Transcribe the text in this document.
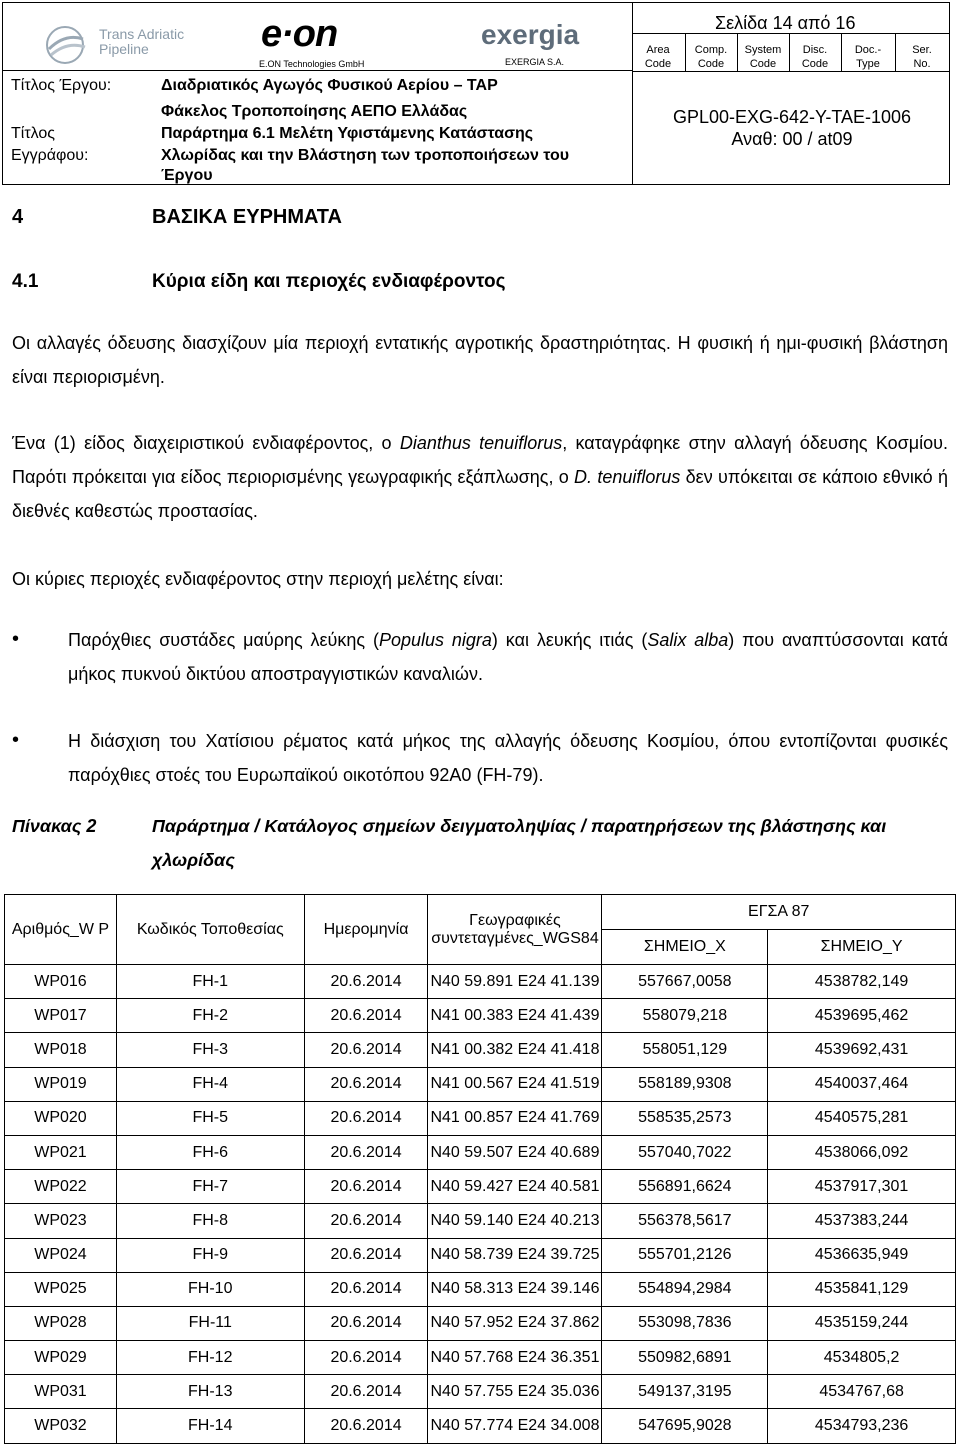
Trans Adriatic
Pipeline	e·on
E.ON Technologies GmbH
exergia
EXERGIA S.A.
Σελίδα 14 από 16
Area
Code
Comp.
Code
System
Code
Disc.
Code
Doc.-
Type
Ser.
No.
Τίτλος Έργου:	Διαδριατικός Αγωγός Φυσικού Αερίου – TAP
Τίτλος
Εγγράφου:
Φάκελος Τροποποίησης ΑΕΠΟ Ελλάδας
Παράρτημα 6.1 Μελέτη Υφιστάμενης Κατάστασης
Χλωρίδας και την Βλάστηση των τροποποιήσεων του
Έργου
GPL00-EXG-642-Y-TAE-1006
Αναθ: 00 / at09
4	ΒΑΣΙΚΑ ΕΥΡΗΜΑΤΑ
4.1	Κύρια είδη και περιοχές ενδιαφέροντος
Οι αλλαγές όδευσης διασχίζουν μία περιοχή εντατικής αγροτικής δραστηριότητας. Η φυσική ή ημι-φυσική βλάστηση είναι περιορισμένη.
Ένα (1) είδος διαχειριστικού ενδιαφέροντος, ο Dianthus tenuiflorus, καταγράφηκε στην αλλαγή όδευσης Κοσμίου. Παρότι πρόκειται για είδος περιορισμένης γεωγραφικής εξάπλωσης, ο D. tenuiflorus δεν υπόκειται σε κάποιο εθνικό ή διεθνές καθεστώς προστασίας.
Οι κύριες περιοχές ενδιαφέροντος στην περιοχή μελέτης είναι:
•	Παρόχθιες συστάδες μαύρης λεύκης (Populus nigra) και λευκής ιτιάς (Salix alba) που αναπτύσσονται κατά μήκος πυκνού δικτύου αποστραγγιστικών καναλιών.
•	Η διάσχιση του Χατίσιου ρέματος κατά μήκος της αλλαγής όδευσης Κοσμίου, όπου εντοπίζονται φυσικές παρόχθιες στοές του Ευρωπαϊκού οικοτόπου 92A0 (FH-79).
Πίνακας 2	Παράρτημα / Κατάλογος σημείων δειγματοληψίας / παρατηρήσεων της βλάστησης και χλωρίδας
Αριθμός_W P	Κωδικός Τοποθεσίας	Ημερομηνία	Γεωγραφικές συντεταγμένες_WGS84	ΕΓΣΑ 87	
				ΣΗΜΕΙΟ_X	ΣΗΜΕΙΟ_Y
WP016	FH-1	20.6.2014	N40 59.891 E24 41.139	557667,0058	4538782,149
WP017	FH-2	20.6.2014	N41 00.383 E24 41.439	558079,218	4539695,462
WP018	FH-3	20.6.2014	N41 00.382 E24 41.418	558051,129	4539692,431
WP019	FH-4	20.6.2014	N41 00.567 E24 41.519	558189,9308	4540037,464
WP020	FH-5	20.6.2014	N41 00.857 E24 41.769	558535,2573	4540575,281
WP021	FH-6	20.6.2014	N40 59.507 E24 40.689	557040,7022	4538066,092
WP022	FH-7	20.6.2014	N40 59.427 E24 40.581	556891,6624	4537917,301
WP023	FH-8	20.6.2014	N40 59.140 E24 40.213	556378,5617	4537383,244
WP024	FH-9	20.6.2014	N40 58.739 E24 39.725	555701,2126	4536635,949
WP025	FH-10	20.6.2014	N40 58.313 E24 39.146	554894,2984	4535841,129
WP028	FH-11	20.6.2014	N40 57.952 E24 37.862	553098,7836	4535159,244
WP029	FH-12	20.6.2014	N40 57.768 E24 36.351	550982,6891	4534805,2
WP031	FH-13	20.6.2014	N40 57.755 E24 35.036	549137,3195	4534767,68
WP032	FH-14	20.6.2014	N40 57.774 E24 34.008	547695,9028	4534793,236
